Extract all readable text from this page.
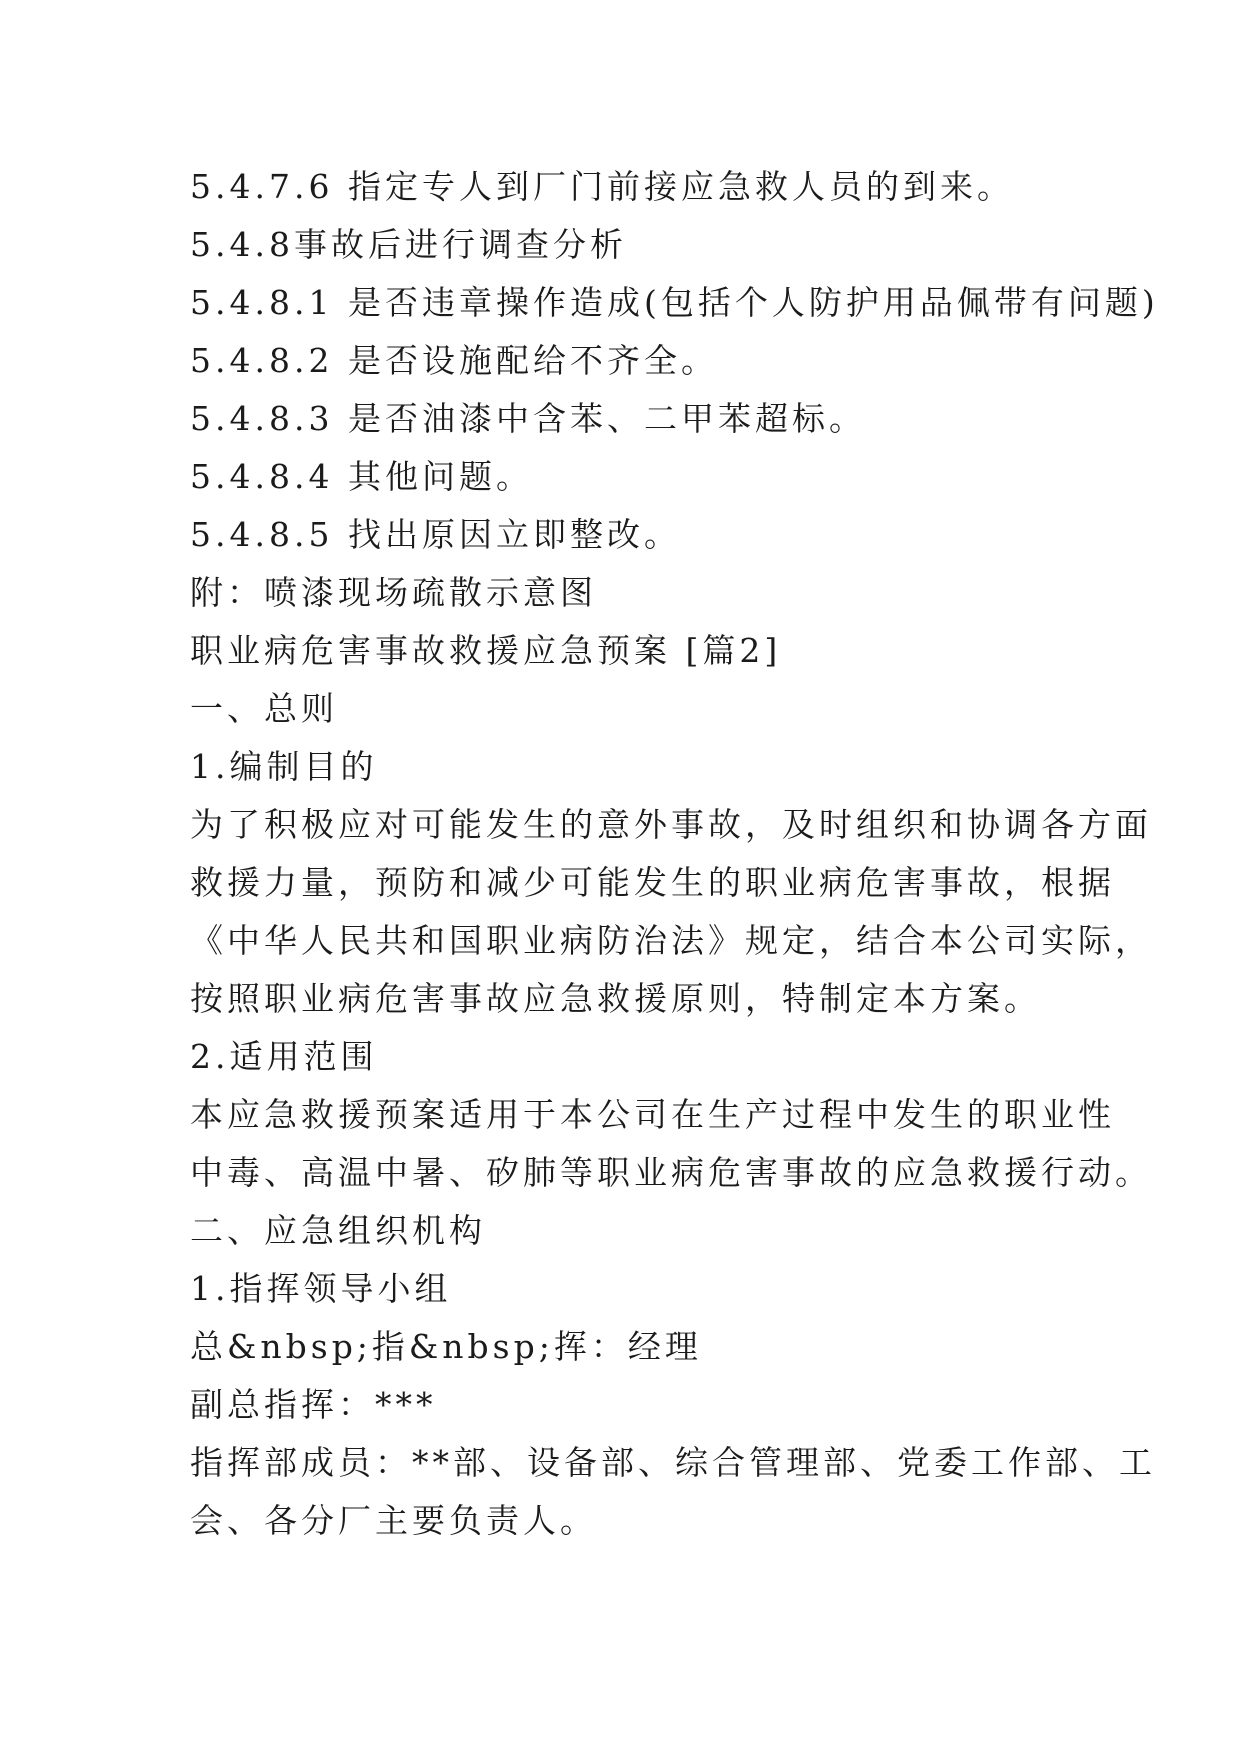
5.4.7.6 指定专人到厂门前接应急救人员的到来。
5.4.8事故后进行调查分析
5.4.8.1 是否违章操作造成(包括个人防护用品佩带有问题)
5.4.8.2 是否设施配给不齐全。
5.4.8.3 是否油漆中含苯、二甲苯超标。
5.4.8.4 其他问题。
5.4.8.5 找出原因立即整改。
附：喷漆现场疏散示意图
职业病危害事故救援应急预案 [篇2]
一、总则
1.编制目的
为了积极应对可能发生的意外事故，及时组织和协调各方面
救援力量，预防和减少可能发生的职业病危害事故，根据
《中华人民共和国职业病防治法》规定，结合本公司实际，
按照职业病危害事故应急救援原则，特制定本方案。
2.适用范围
本应急救援预案适用于本公司在生产过程中发生的职业性
中毒、高温中暑、矽肺等职业病危害事故的应急救援行动。
二、应急组织机构
1.指挥领导小组
总&nbsp;指&nbsp;挥：经理
副总指挥：***
指挥部成员：**部、设备部、综合管理部、党委工作部、工
会、各分厂主要负责人。
